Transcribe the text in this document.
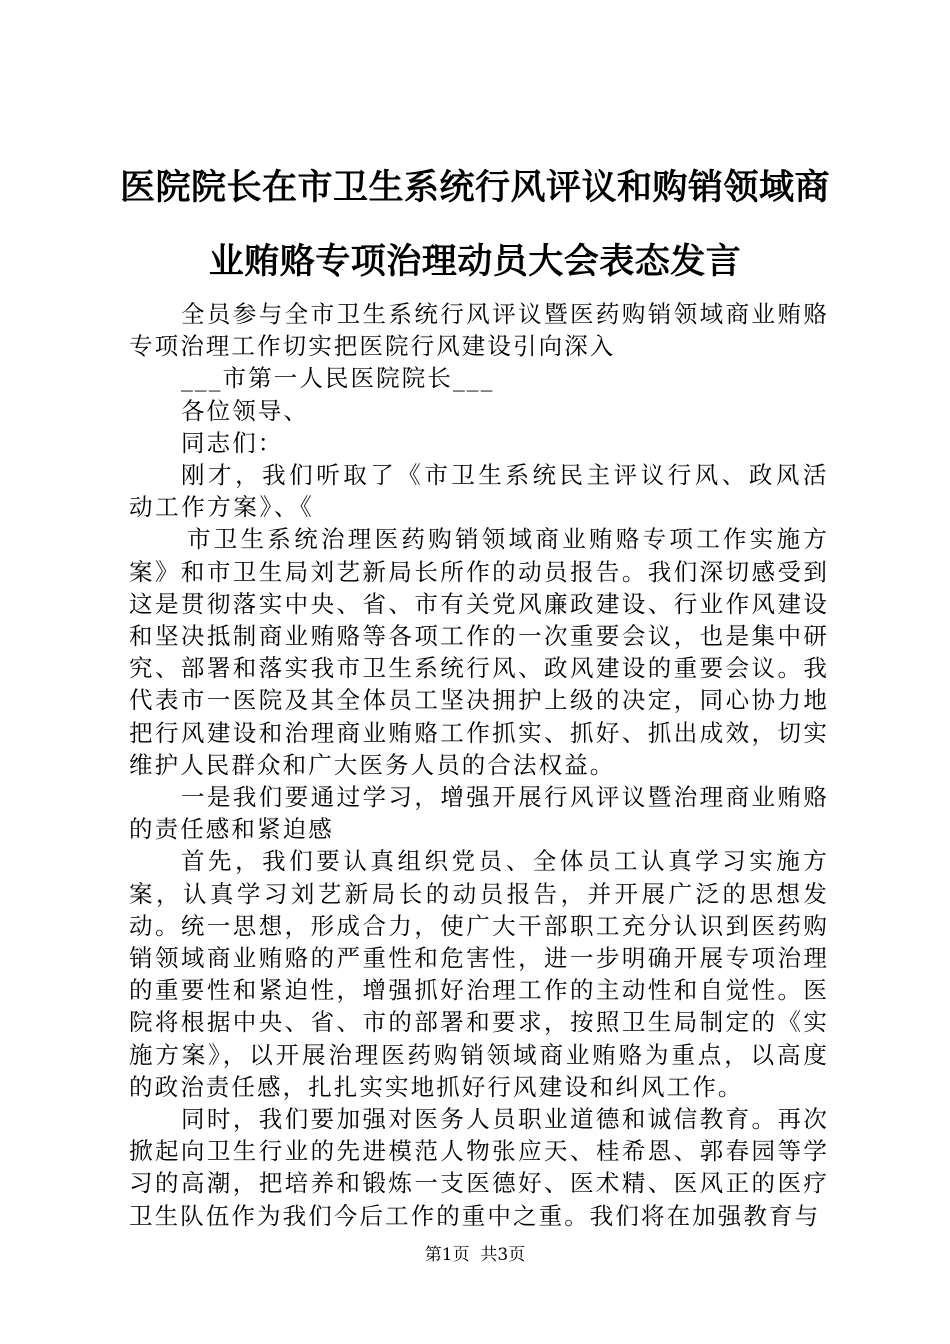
医院院长在市卫生系统行风评议和购销领域商
业贿赂专项治理动员大会表态发言

全员参与全市卫生系统行风评议暨医药购销领域商业贿赂专项治理工作切实把医院行风建设引向深入

___市第一人民医院院长___

各位领导、

同志们：

刚才，我们听取了《市卫生系统民主评议行风、政风活动工作方案》、《

市卫生系统治理医药购销领域商业贿赂专项工作实施方案》和市卫生局刘艺新局长所作的动员报告。我们深切感受到这是贯彻落实中央、省、市有关党风廉政建设、行业作风建设和坚决抵制商业贿赂等各项工作的一次重要会议，也是集中研究、部署和落实我市卫生系统行风、政风建设的重要会议。我代表市一医院及其全体员工坚决拥护上级的决定，同心协力地把行风建设和治理商业贿赂工作抓实、抓好、抓出成效，切实维护人民群众和广大医务人员的合法权益。

一是我们要通过学习，增强开展行风评议暨治理商业贿赂的责任感和紧迫感

首先，我们要认真组织党员、全体员工认真学习实施方案，认真学习刘艺新局长的动员报告，并开展广泛的思想发动。统一思想，形成合力，使广大干部职工充分认识到医药购销领域商业贿赂的严重性和危害性，进一步明确开展专项治理的重要性和紧迫性，增强抓好治理工作的主动性和自觉性。医院将根据中央、省、市的部署和要求，按照卫生局制定的《实施方案》，以开展治理医药购销领域商业贿赂为重点，以高度的政治责任感，扎扎实实地抓好行风建设和纠风工作。

同时，我们要加强对医务人员职业道德和诚信教育。再次掀起向卫生行业的先进模范人物张应天、桂希恩、郭春园等学习的高潮，把培养和锻炼一支医德好、医术精、医风正的医疗卫生队伍作为我们今后工作的重中之重。我们将在加强教育与

第1页 共3页
